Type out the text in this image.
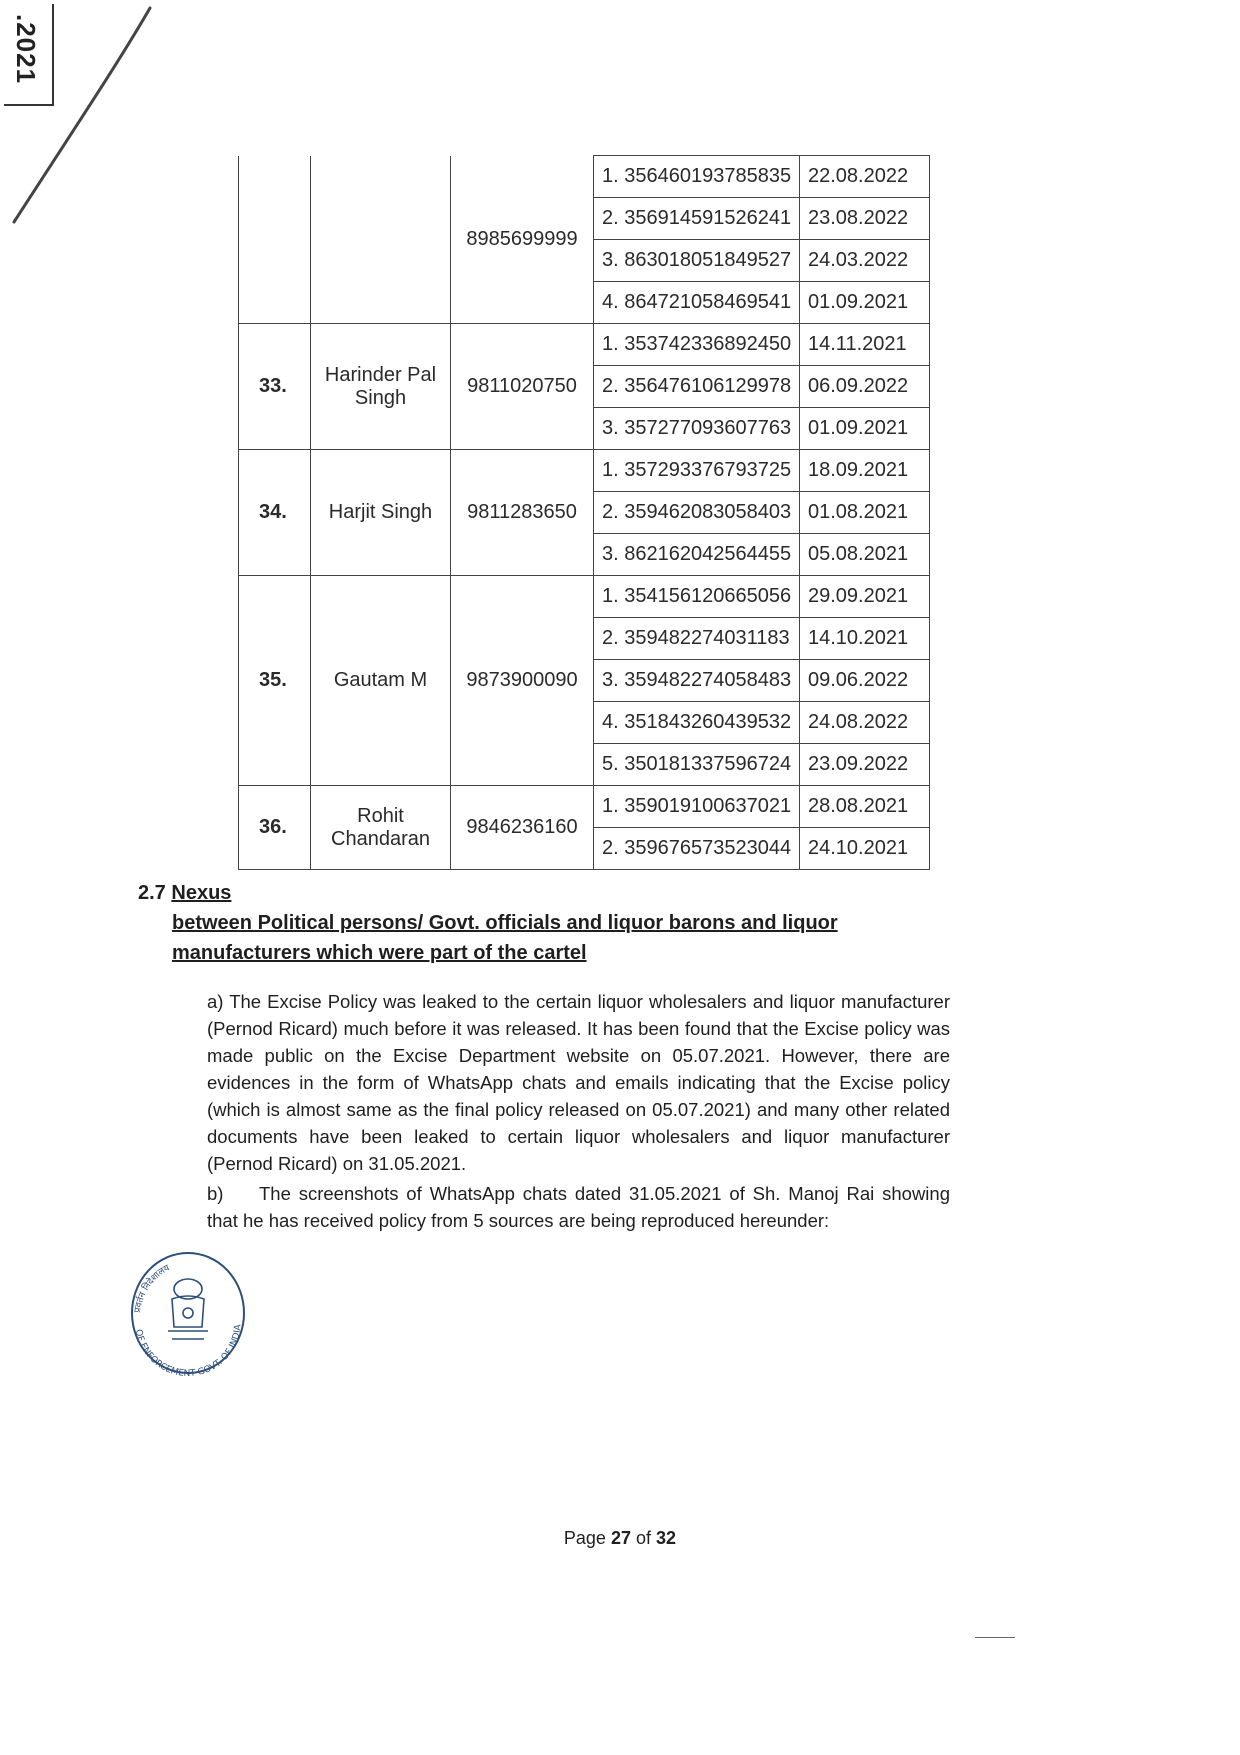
.2021
		8985699999	1. 356460193785835	22.08.2022
			2. 356914591526241	23.08.2022
			3. 863018051849527	24.03.2022
			4. 864721058469541	01.09.2021
33.	Harinder Pal Singh	9811020750	1. 353742336892450	14.11.2021
			2. 356476106129978	06.09.2022
			3. 357277093607763	01.09.2021
34.	Harjit Singh	9811283650	1. 357293376793725	18.09.2021
			2. 359462083058403	01.08.2021
			3. 862162042564455	05.08.2021
35.	Gautam M	9873900090	1. 354156120665056	29.09.2021
			2. 359482274031183	14.10.2021
			3. 359482274058483	09.06.2022
			4. 351843260439532	24.08.2022
			5. 350181337596724	23.09.2022
36.	Rohit Chandaran	9846236160	1. 359019100637021	28.08.2021
			2. 359676573523044	24.10.2021
2.7 Nexus
between Political persons/ Govt. officials and liquor barons and liquor manufacturers which were part of the cartel
a) The Excise Policy was leaked to the certain liquor wholesalers and liquor manufacturer (Pernod Ricard) much before it was released. It has been found that the Excise policy was made public on the Excise Department website on 05.07.2021. However, there are evidences in the form of WhatsApp chats and emails indicating that the Excise policy (which is almost same as the final policy released on 05.07.2021) and many other related documents have been leaked to certain liquor wholesalers and liquor manufacturer (Pernod Ricard) on 31.05.2021.
b) The screenshots of WhatsApp chats dated 31.05.2021 of Sh. Manoj Rai showing that he has received policy from 5 sources are being reproduced hereunder:
प्रवर्तन निदेशालय
OF ENFORCEMENT GOVT. OF INDIA
Page 27 of 32
